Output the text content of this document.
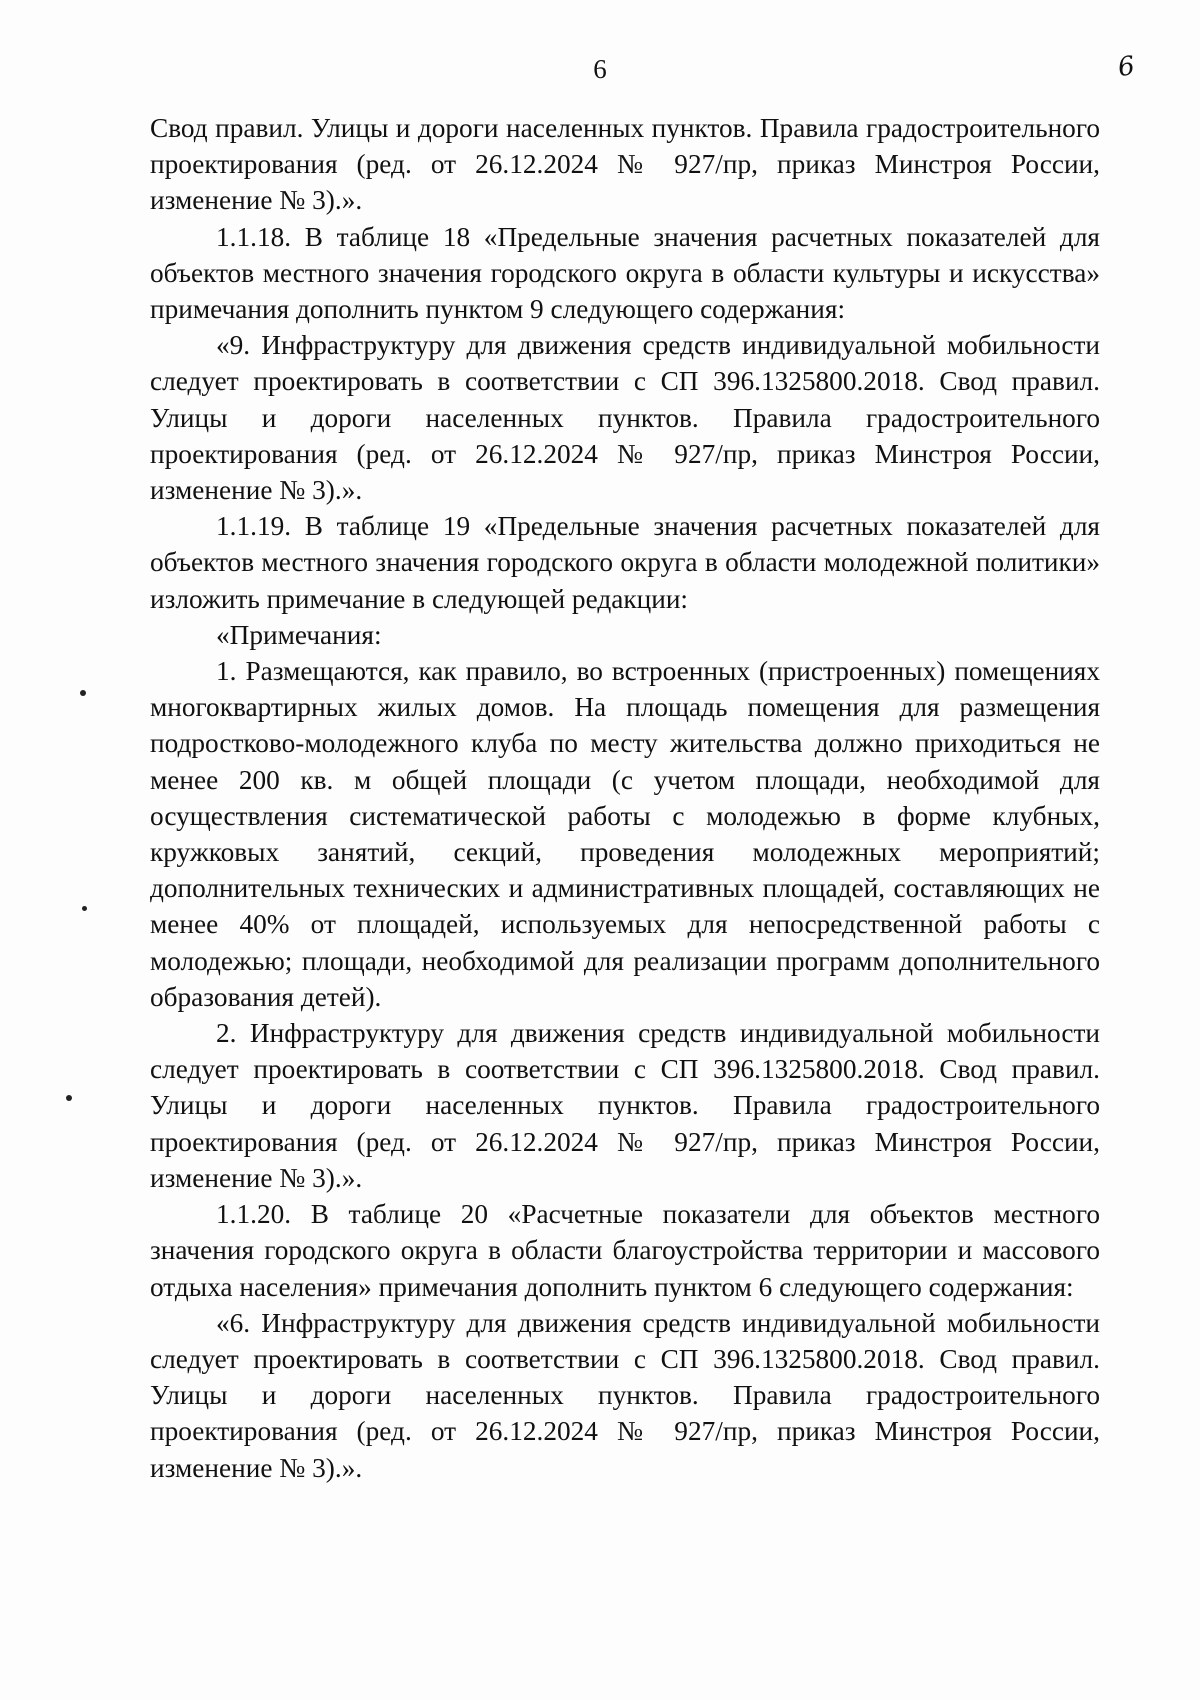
6	6

Свод правил. Улицы и дороги населенных пунктов. Правила градостроительного проектирования (ред. от 26.12.2024 № 927/пр, приказ Минстроя России, изменение № 3).».

1.1.18. В таблице 18 «Предельные значения расчетных показателей для объектов местного значения городского округа в области культуры и искусства» примечания дополнить пунктом 9 следующего содержания:

«9. Инфраструктуру для движения средств индивидуальной мобильности следует проектировать в соответствии с СП 396.1325800.2018. Свод правил. Улицы и дороги населенных пунктов. Правила градостроительного проектирования (ред. от 26.12.2024 № 927/пр, приказ Минстроя России, изменение № 3).».

1.1.19. В таблице 19 «Предельные значения расчетных показателей для объектов местного значения городского округа в области молодежной политики» изложить примечание в следующей редакции:

«Примечания:

1. Размещаются, как правило, во встроенных (пристроенных) помещениях многоквартирных жилых домов. На площадь помещения для размещения подростково-молодежного клуба по месту жительства должно приходиться не менее 200 кв. м общей площади (с учетом площади, необходимой для осуществления систематической работы с молодежью в форме клубных, кружковых занятий, секций, проведения молодежных мероприятий; дополнительных технических и административных площадей, составляющих не менее 40% от площадей, используемых для непосредственной работы с молодежью; площади, необходимой для реализации программ дополнительного образования детей).

2. Инфраструктуру для движения средств индивидуальной мобильности следует проектировать в соответствии с СП 396.1325800.2018. Свод правил. Улицы и дороги населенных пунктов. Правила градостроительного проектирования (ред. от 26.12.2024 № 927/пр, приказ Минстроя России, изменение № 3).».

1.1.20. В таблице 20 «Расчетные показатели для объектов местного значения городского округа в области благоустройства территории и массового отдыха населения» примечания дополнить пунктом 6 следующего содержания:

«6. Инфраструктуру для движения средств индивидуальной мобильности следует проектировать в соответствии с СП 396.1325800.2018. Свод правил. Улицы и дороги населенных пунктов. Правила градостроительного проектирования (ред. от 26.12.2024 № 927/пр, приказ Минстроя России, изменение № 3).».
